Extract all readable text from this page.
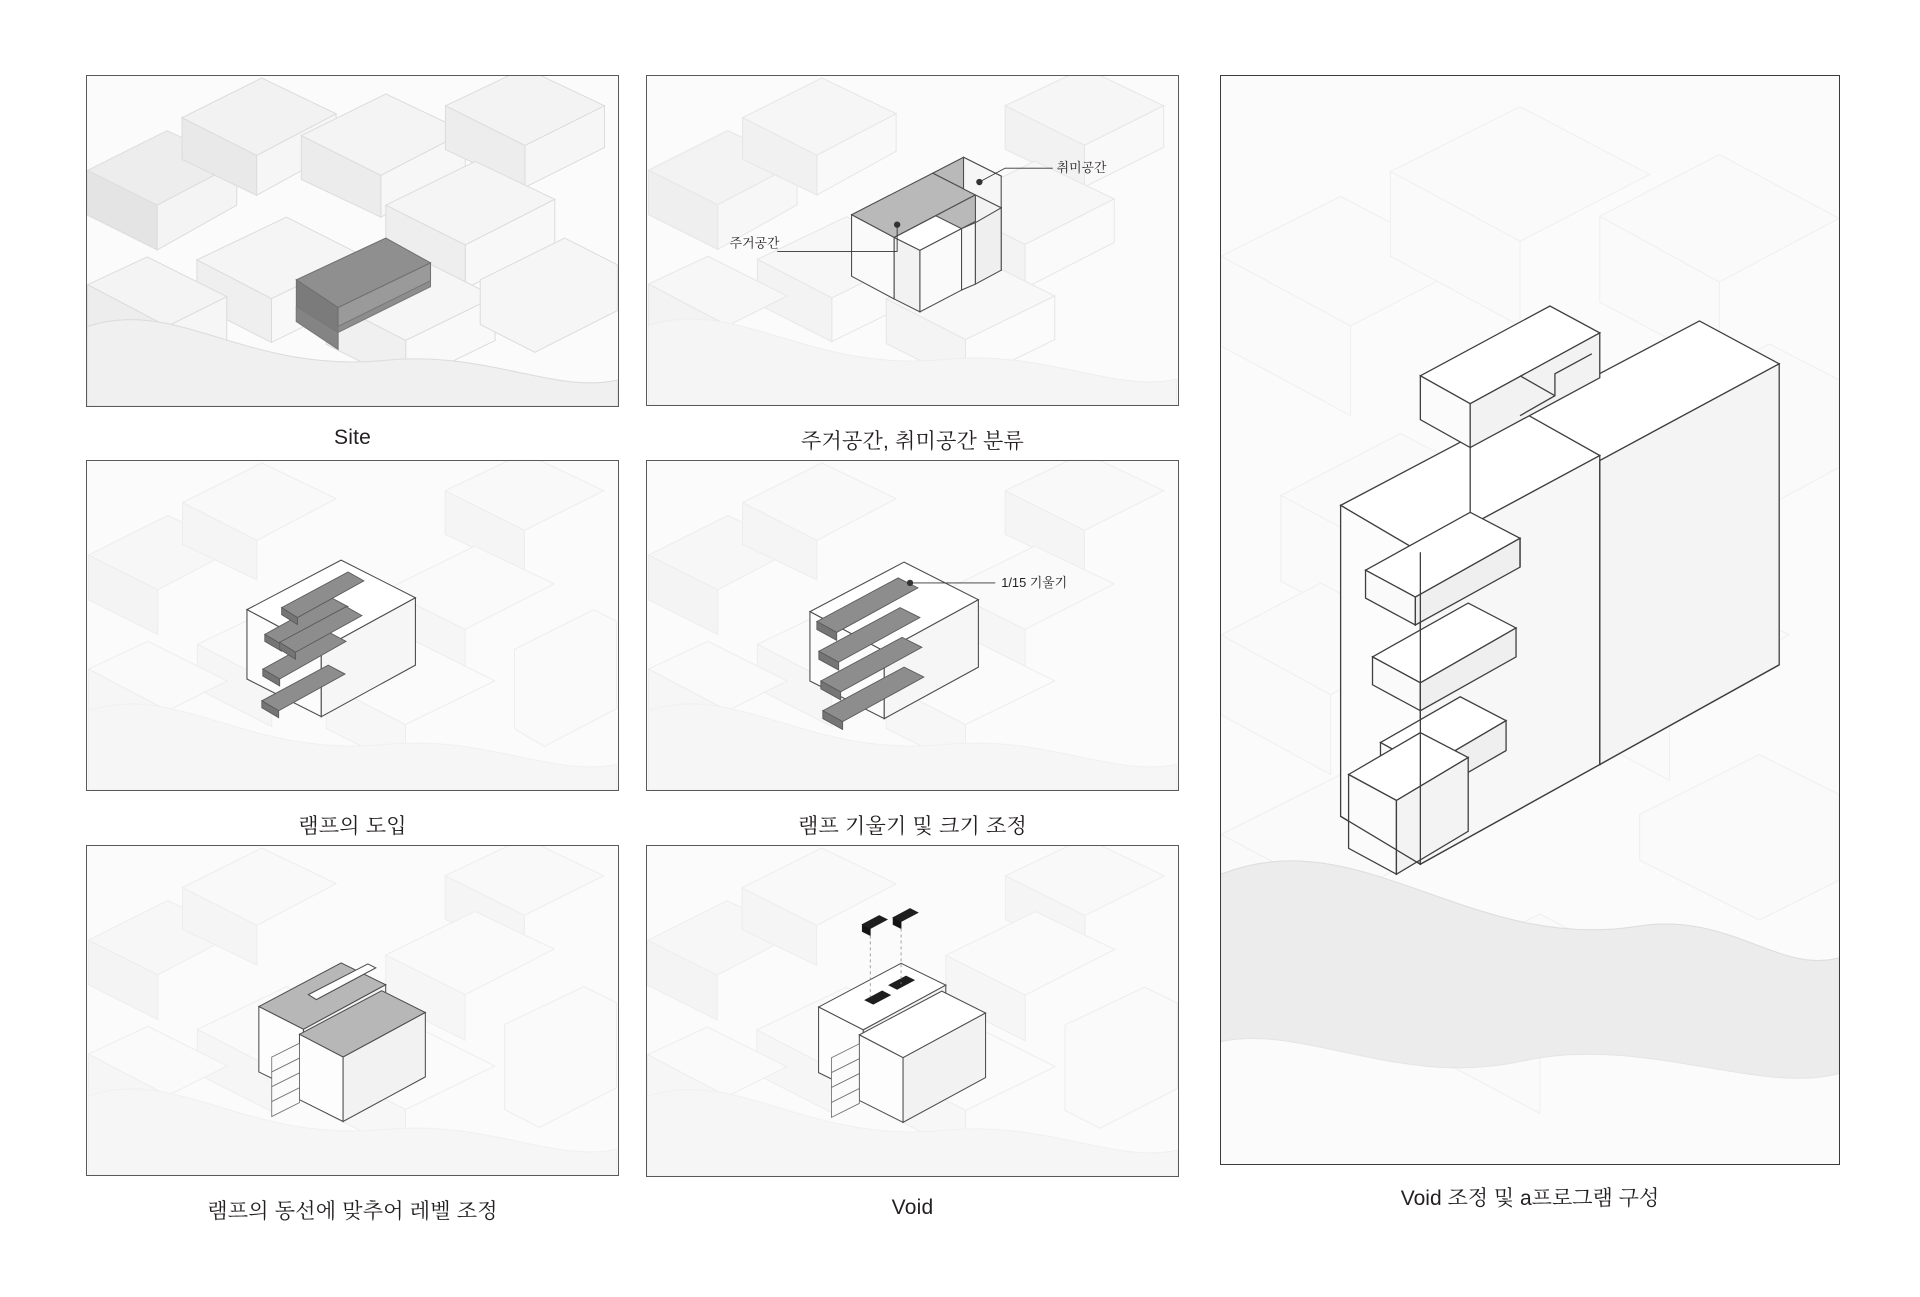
Site
주거공간
취미공간
주거공간, 취미공간 분류
램프의 도입
1/15 기울기
램프 기울기 및 크기 조정
램프의 동선에 맞추어 레벨 조정	Void	Void 조정 및 a프로그램 구성
